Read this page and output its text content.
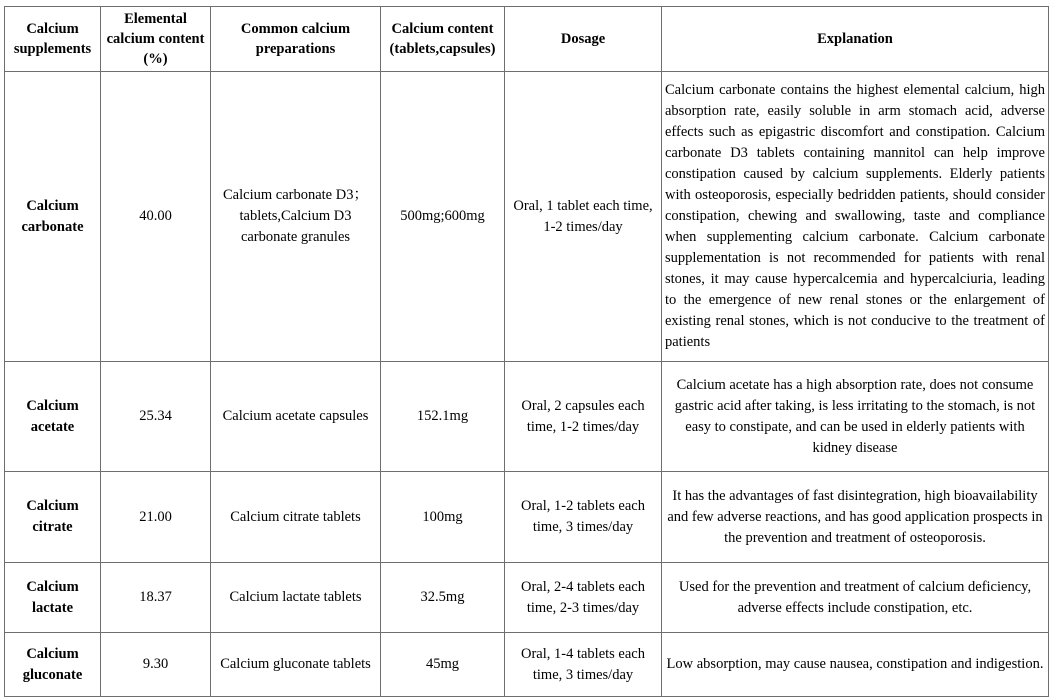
Calcium supplements	Elemental calcium content (%)	Common calcium preparations	Calcium content (tablets,capsules)	Dosage	Explanation
Calcium carbonate	40.00	Calcium carbonate D3； tablets,Calcium D3 carbonate granules	500mg;600mg	Oral, 1 tablet each time, 1-2 times/day	Calcium carbonate contains the highest elemental calcium, high absorption rate, easily soluble in arm stomach acid, adverse effects such as epigastric discomfort and constipation. Calcium carbonate D3 tablets containing mannitol can help improve constipation caused by calcium supplements. Elderly patients with osteoporosis, especially bedridden patients, should consider constipation, chewing and swallowing, taste and compliance when supplementing calcium carbonate. Calcium carbonate supplementation is not recommended for patients with renal stones, it may cause hypercalcemia and hypercalciuria, leading to the emergence of new renal stones or the enlargement of existing renal stones, which is not conducive to the treatment of patients
Calcium acetate	25.34	Calcium acetate capsules	152.1mg	Oral, 2 capsules each time, 1-2 times/day	Calcium acetate has a high absorption rate, does not consume gastric acid after taking, is less irritating to the stomach, is not easy to constipate, and can be used in elderly patients with kidney disease
Calcium citrate	21.00	Calcium citrate tablets	100mg	Oral, 1-2 tablets each time, 3 times/day	It has the advantages of fast disintegration, high bioavailability and few adverse reactions, and has good application prospects in the prevention and treatment of osteoporosis.
Calcium lactate	18.37	Calcium lactate tablets	32.5mg	Oral, 2-4 tablets each time, 2-3 times/day	Used for the prevention and treatment of calcium deficiency, adverse effects include constipation, etc.
Calcium gluconate	9.30	Calcium gluconate tablets	45mg	Oral, 1-4 tablets each time, 3 times/day	Low absorption, may cause nausea, constipation and indigestion.
